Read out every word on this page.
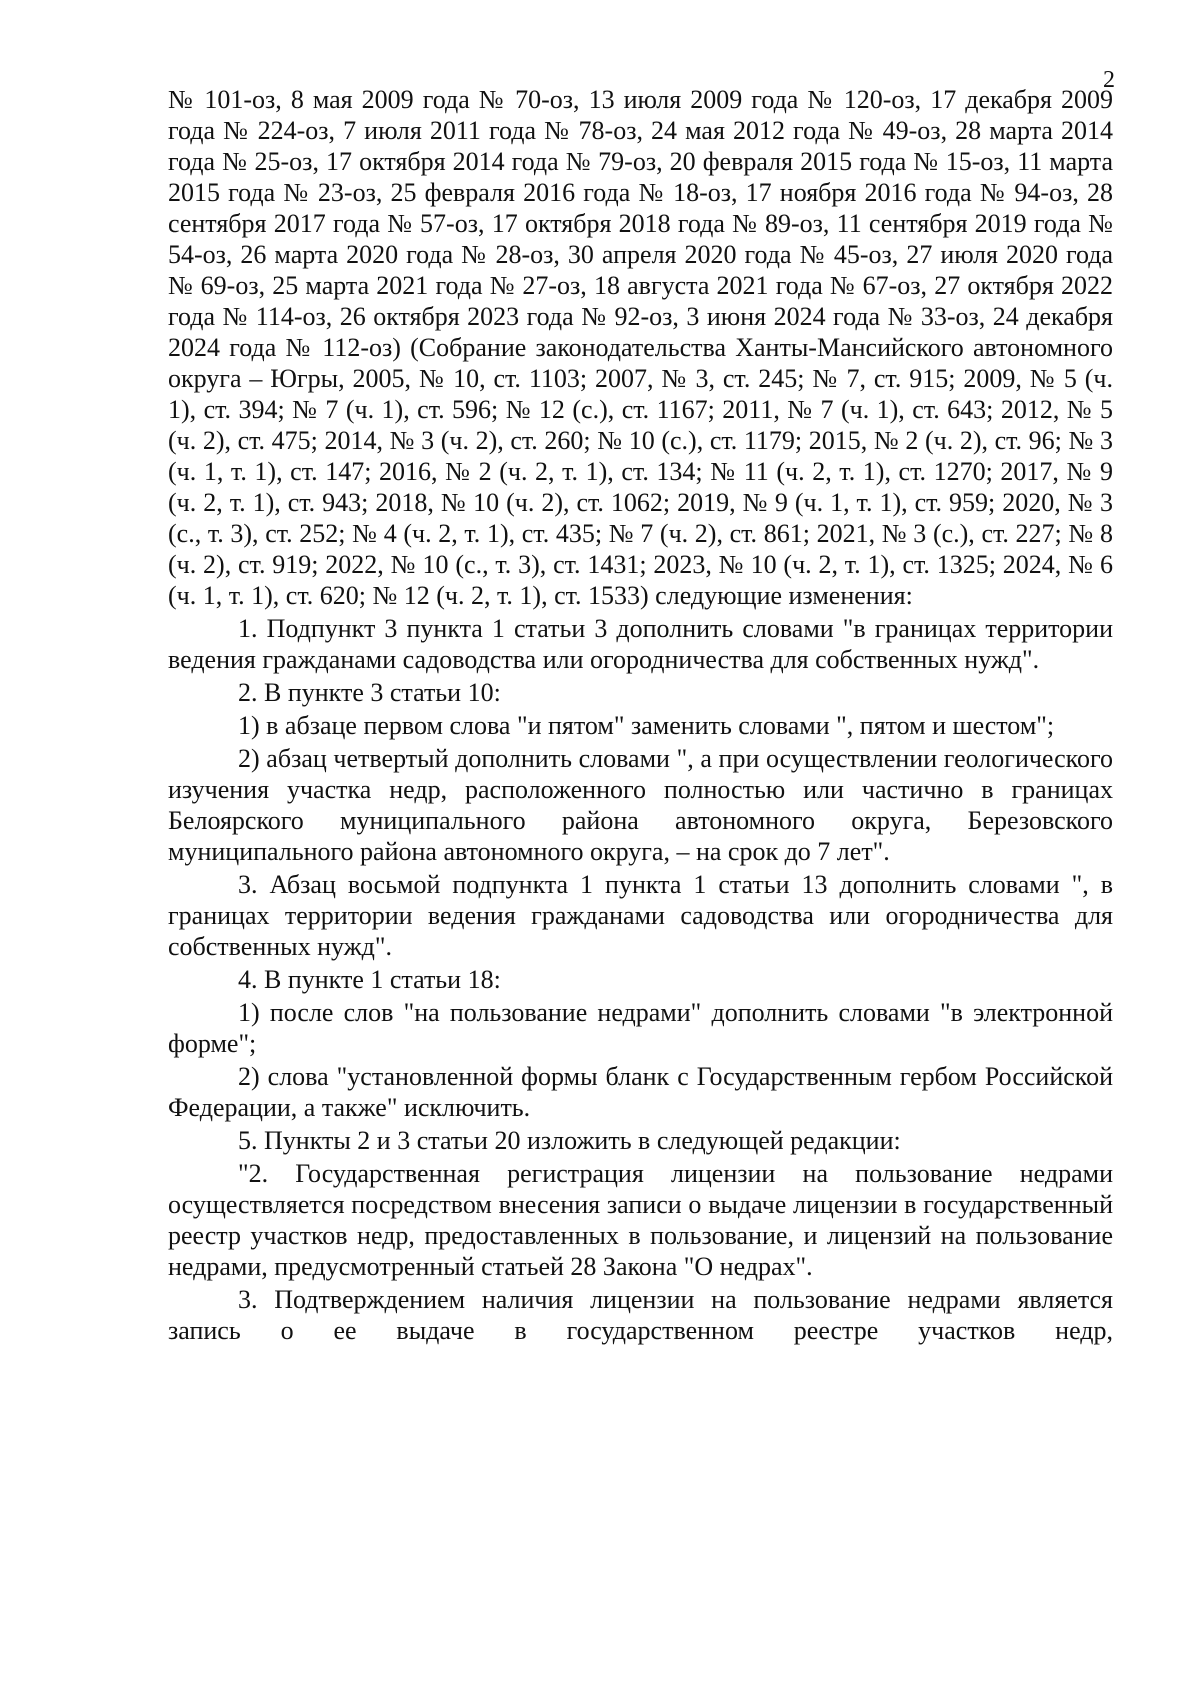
2

№ 101-оз, 8 мая 2009 года № 70-оз, 13 июля 2009 года № 120-оз, 17 декабря 2009 года № 224-оз, 7 июля 2011 года № 78-оз, 24 мая 2012 года № 49-оз, 28 марта 2014 года № 25-оз, 17 октября 2014 года № 79-оз, 20 февраля 2015 года № 15-оз, 11 марта 2015 года № 23-оз, 25 февраля 2016 года № 18-оз, 17 ноября 2016 года № 94-оз, 28 сентября 2017 года № 57-оз, 17 октября 2018 года № 89-оз, 11 сентября 2019 года № 54-оз, 26 марта 2020 года № 28-оз, 30 апреля 2020 года № 45-оз, 27 июля 2020 года № 69-оз, 25 марта 2021 года № 27-оз, 18 августа 2021 года № 67-оз, 27 октября 2022 года № 114-оз, 26 октября 2023 года № 92-оз, 3 июня 2024 года № 33-оз, 24 декабря 2024 года № 112-оз) (Собрание законодательства Ханты-Мансийского автономного округа – Югры, 2005, № 10, ст. 1103; 2007, № 3, ст. 245; № 7, ст. 915; 2009, № 5 (ч. 1), ст. 394; № 7 (ч. 1), ст. 596; № 12 (с.), ст. 1167; 2011, № 7 (ч. 1), ст. 643; 2012, № 5 (ч. 2), ст. 475; 2014, № 3 (ч. 2), ст. 260; № 10 (с.), ст. 1179; 2015, № 2 (ч. 2), ст. 96; № 3 (ч. 1, т. 1), ст. 147; 2016, № 2 (ч. 2, т. 1), ст. 134; № 11 (ч. 2, т. 1), ст. 1270; 2017, № 9 (ч. 2, т. 1), ст. 943; 2018, № 10 (ч. 2), ст. 1062; 2019, № 9 (ч. 1, т. 1), ст. 959; 2020, № 3 (с., т. 3), ст. 252; № 4 (ч. 2, т. 1), ст. 435; № 7 (ч. 2), ст. 861; 2021, № 3 (с.), ст. 227; № 8 (ч. 2), ст. 919; 2022, № 10 (с., т. 3), ст. 1431; 2023, № 10 (ч. 2, т. 1), ст. 1325; 2024, № 6 (ч. 1, т. 1), ст. 620; № 12 (ч. 2, т. 1), ст. 1533) следующие изменения:

1. Подпункт 3 пункта 1 статьи 3 дополнить словами "в границах территории ведения гражданами садоводства или огородничества для собственных нужд".

2. В пункте 3 статьи 10:

1) в абзаце первом слова "и пятом" заменить словами ", пятом и шестом";

2) абзац четвертый дополнить словами ", а при осуществлении геологического изучения участка недр, расположенного полностью или частично в границах Белоярского муниципального района автономного округа, Березовского муниципального района автономного округа, – на срок до 7 лет".

3. Абзац восьмой подпункта 1 пункта 1 статьи 13 дополнить словами ", в границах территории ведения гражданами садоводства или огородничества для собственных нужд".

4. В пункте 1 статьи 18:

1) после слов "на пользование недрами" дополнить словами "в электронной форме";

2) слова "установленной формы бланк с Государственным гербом Российской Федерации, а также" исключить.

5. Пункты 2 и 3 статьи 20 изложить в следующей редакции:

"2. Государственная регистрация лицензии на пользование недрами осуществляется посредством внесения записи о выдаче лицензии в государственный реестр участков недр, предоставленных в пользование, и лицензий на пользование недрами, предусмотренный статьей 28 Закона "О недрах".

3. Подтверждением наличия лицензии на пользование недрами является запись о ее выдаче в государственном реестре участков недр,
